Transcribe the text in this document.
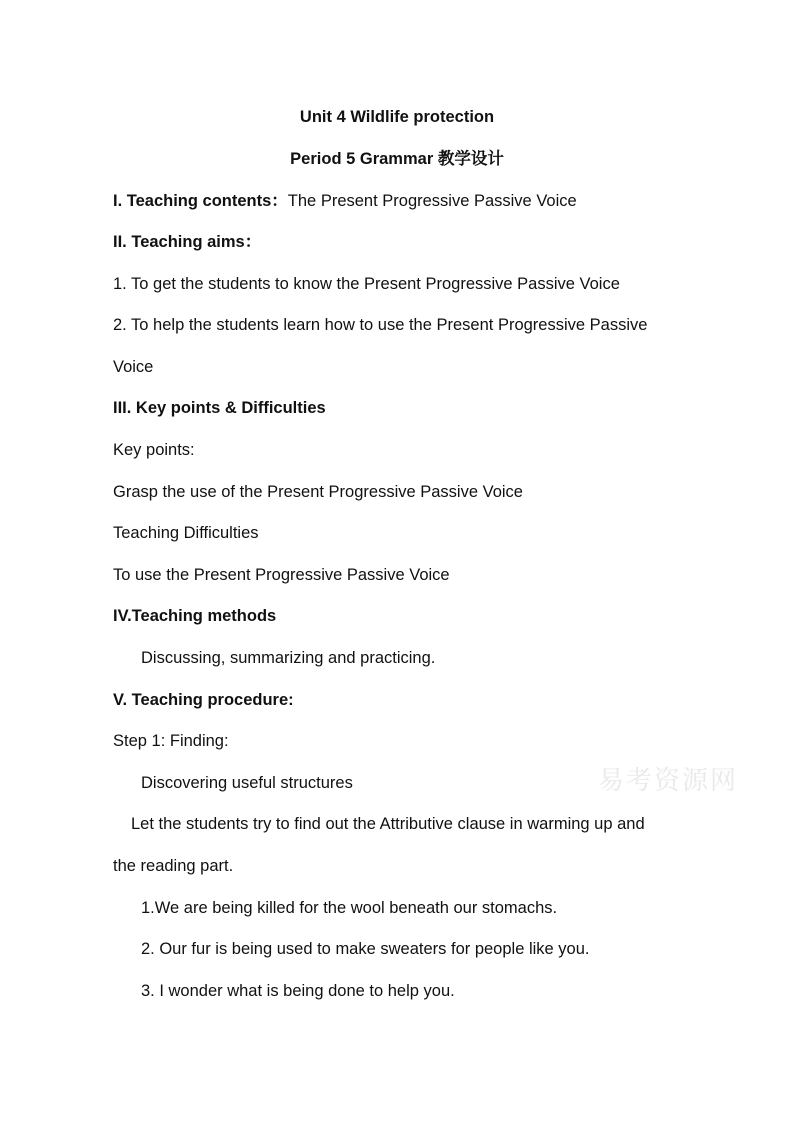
Unit 4 Wildlife protection
Period 5 Grammar 教学设计
I. Teaching contents：The Present Progressive Passive Voice
II. Teaching aims：
1. To get the students to know the Present Progressive Passive Voice
2. To help the students learn how to use the Present Progressive Passive
Voice
III. Key points & Difficulties
Key points:
Grasp the use of the Present Progressive Passive Voice
Teaching Difficulties
To use the Present Progressive Passive Voice
IV.Teaching methods
Discussing, summarizing and practicing.
V. Teaching procedure:
Step 1: Finding:
Discovering useful structures
Let the students try to find out the Attributive clause in warming up and
the reading part.
1.We are being killed for the wool beneath our stomachs.
2. Our fur is being used to make sweaters for people like you.
3. I wonder what is being done to help you.
易考资源网
